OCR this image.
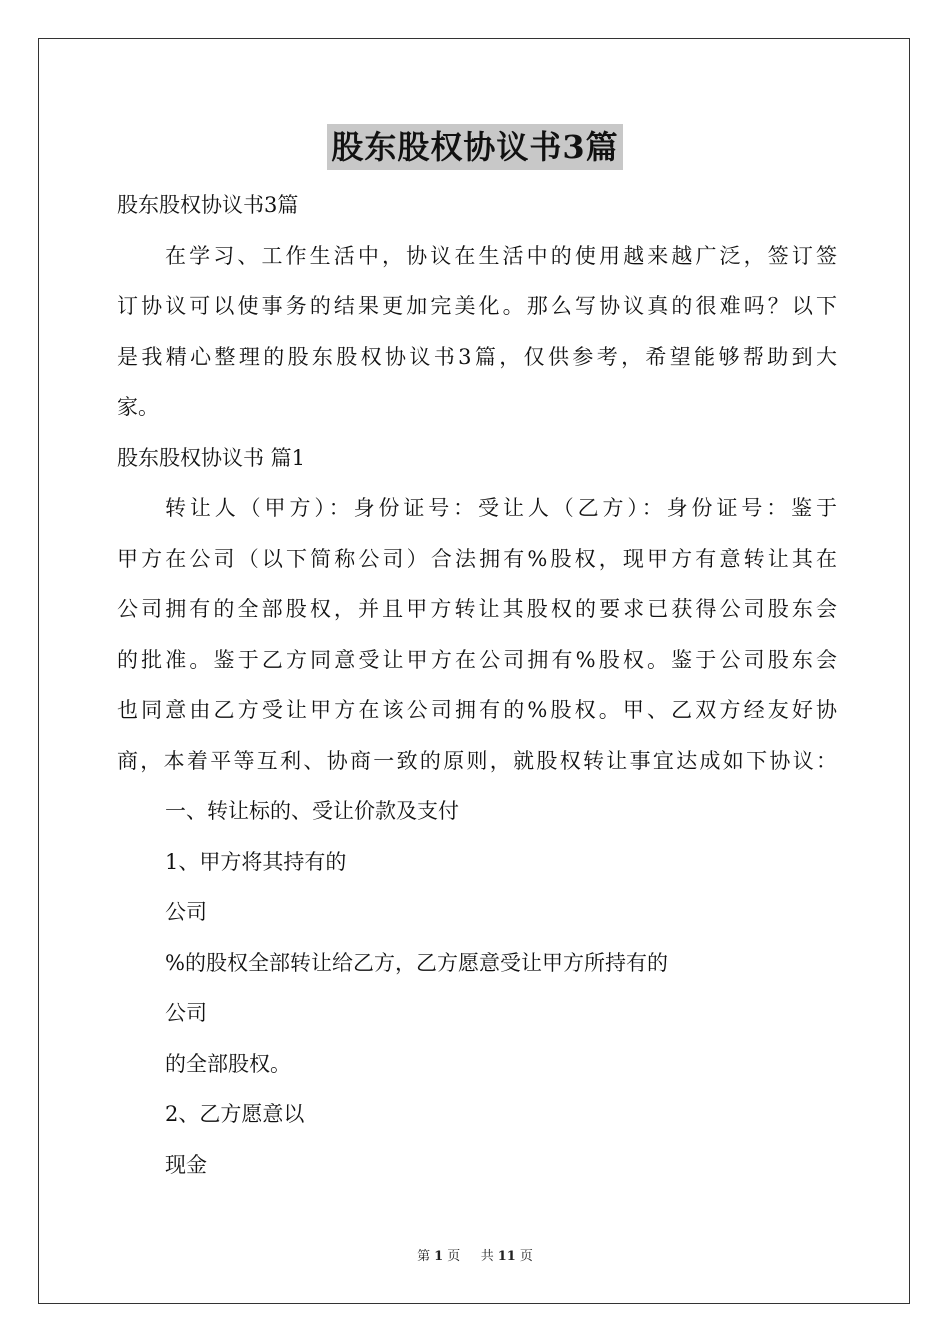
股东股权协议书3篇
股东股权协议书3篇
在学习、工作生活中，协议在生活中的使用越来越广泛，签订签
订协议可以使事务的结果更加完美化。那么写协议真的很难吗？以下
是我精心整理的股东股权协议书3篇，仅供参考，希望能够帮助到大
家。
股东股权协议书 篇1
转让人（甲方）：身份证号：受让人（乙方）：身份证号：鉴于
甲方在公司（以下简称公司）合法拥有%股权，现甲方有意转让其在
公司拥有的全部股权，并且甲方转让其股权的要求已获得公司股东会
的批准。鉴于乙方同意受让甲方在公司拥有%股权。鉴于公司股东会
也同意由乙方受让甲方在该公司拥有的%股权。甲、乙双方经友好协
商，本着平等互利、协商一致的原则，就股权转让事宜达成如下协议：
一、转让标的、受让价款及支付
1、甲方将其持有的
公司
%的股权全部转让给乙方，乙方愿意受让甲方所持有的
公司
的全部股权。
2、乙方愿意以
现金
第 1 页 共 11 页
